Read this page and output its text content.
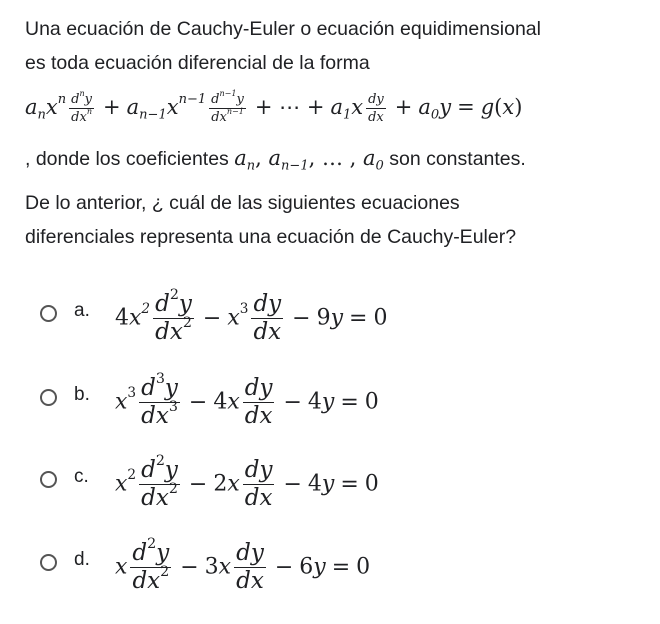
Una ecuación de Cauchy-Euler o ecuación equidimensional
es toda ecuación diferencial de la forma
$a_nx^n \frac{d^ny}{dx^n} + a_{n-1}x^{n-1} \frac{d^{n-1}y}{dx^{n-1}}$ + ⋯ + $a_1x \frac{dy}{dx} + a_0y = g(x)$
, donde los coeficientes $a_n$, $a_{n-1}$, … , $a_0$ son constantes.
De lo anterior, ¿ cuál de las siguientes ecuaciones
diferenciales representa una ecuación de Cauchy-Euler?
a. $4x^2 \frac{d^2y}{dx^2} - x^3 \frac{dy}{dx} - 9y = 0$
b. $x^3 \frac{d^3y}{dx^3} - 4x \frac{dy}{dx} - 4y = 0$
c. $x^2 \frac{d^2y}{dx^2} - 2x \frac{dy}{dx} - 4y = 0$
d. x $\frac{d^2y}{dx^2} - 3x \frac{dy}{dx} - 6y = 0$
